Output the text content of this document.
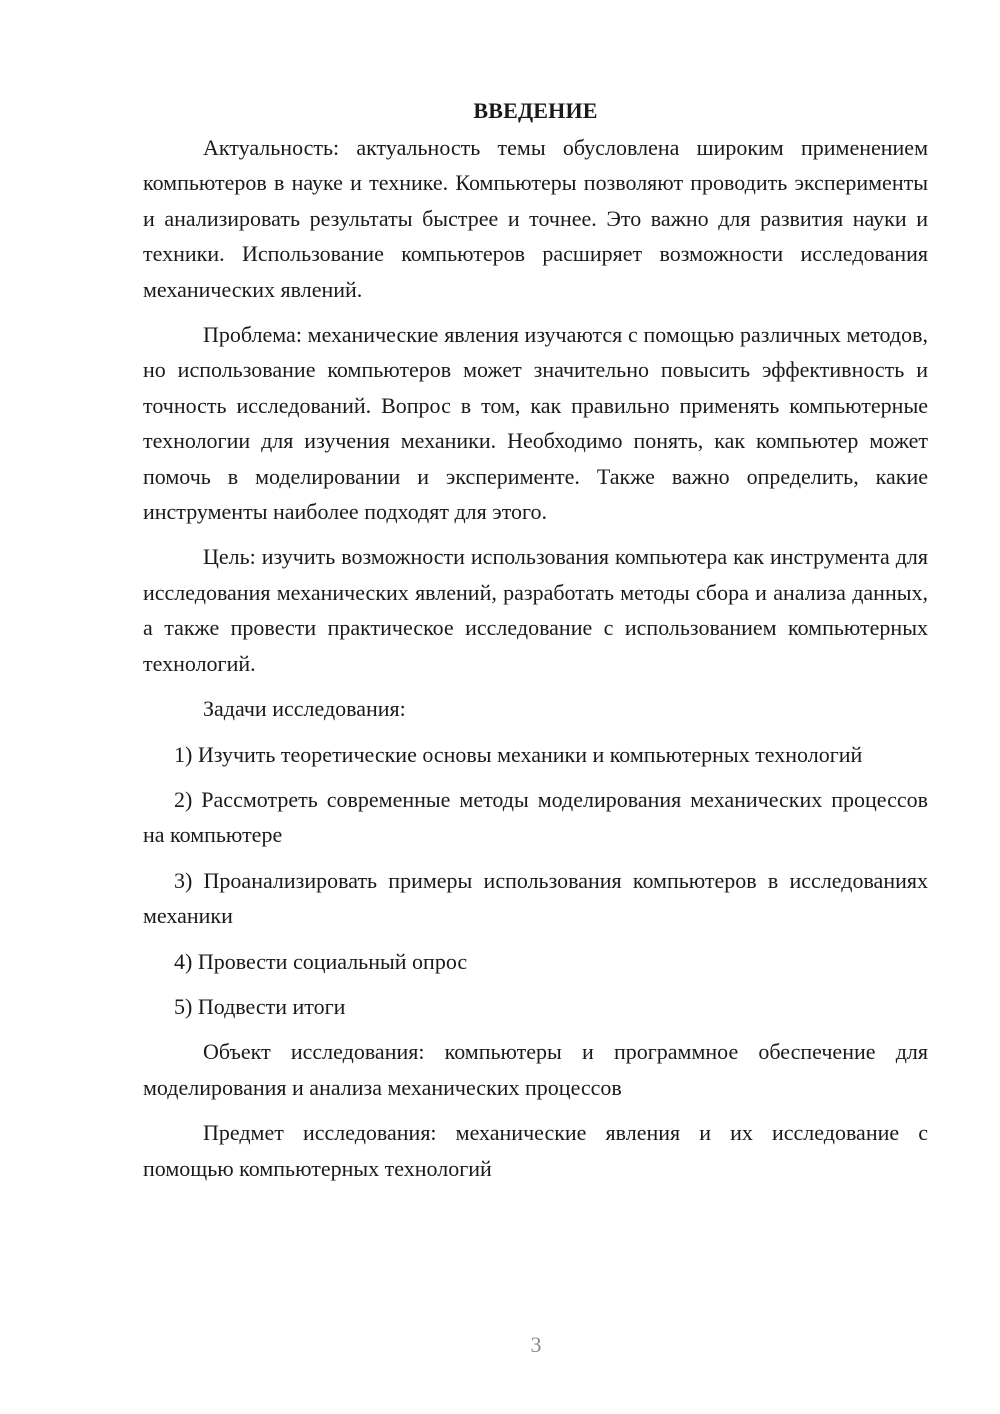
ВВЕДЕНИЕ

Актуальность: актуальность темы обусловлена широким применением компьютеров в науке и технике. Компьютеры позволяют проводить эксперименты и анализировать результаты быстрее и точнее. Это важно для развития науки и техники. Использование компьютеров расширяет возможности исследования механических явлений.

Проблема: механические явления изучаются с помощью различных методов, но использование компьютеров может значительно повысить эффективность и точность исследований. Вопрос в том, как правильно применять компьютерные технологии для изучения механики. Необходимо понять, как компьютер может помочь в моделировании и эксперименте. Также важно определить, какие инструменты наиболее подходят для этого.

Цель: изучить возможности использования компьютера как инструмента для исследования механических явлений, разработать методы сбора и анализа данных, а также провести практическое исследование с использованием компьютерных технологий.

Задачи исследования:

1) Изучить теоретические основы механики и компьютерных технологий

2) Рассмотреть современные методы моделирования механических процессов на компьютере

3) Проанализировать примеры использования компьютеров в исследованиях механики

4) Провести социальный опрос

5) Подвести итоги

Объект исследования: компьютеры и программное обеспечение для моделирования и анализа механических процессов

Предмет исследования: механические явления и их исследование с помощью компьютерных технологий

3
